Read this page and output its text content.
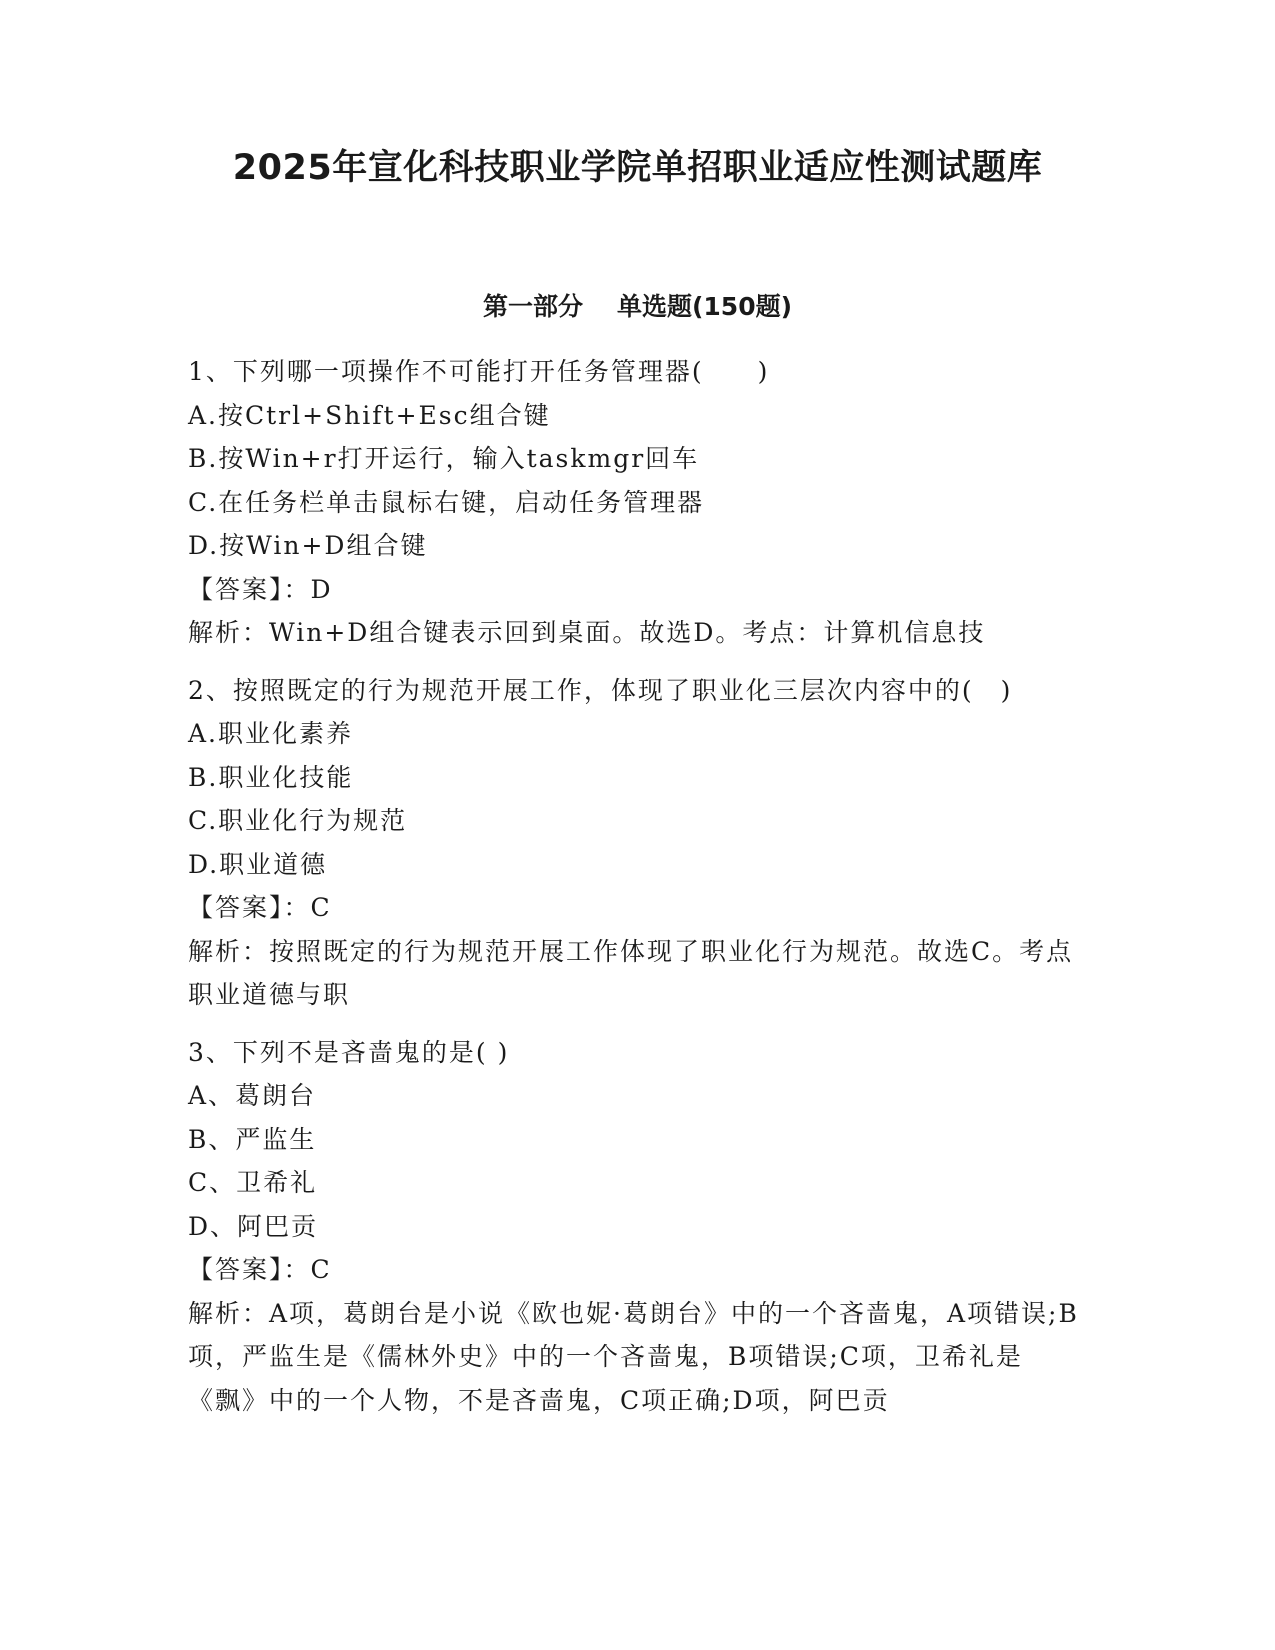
2025年宣化科技职业学院单招职业适应性测试题库
第一部分 单选题(150题)
1、下列哪一项操作不可能打开任务管理器(　　)
A.按Ctrl+Shift+Esc组合键
B.按Win+r打开运行，输入taskmgr回车
C.在任务栏单击鼠标右键，启动任务管理器
D.按Win+D组合键
【答案】：D
解析：Win+D组合键表示回到桌面。故选D。考点：计算机信息技
2、按照既定的行为规范开展工作，体现了职业化三层次内容中的(　)
A.职业化素养
B.职业化技能
C.职业化行为规范
D.职业道德
【答案】：C
解析：按照既定的行为规范开展工作体现了职业化行为规范。故选C。考点职业道德与职
3、下列不是吝啬鬼的是( )
A、葛朗台
B、严监生
C、卫希礼
D、阿巴贡
【答案】：C
解析：A项，葛朗台是小说《欧也妮·葛朗台》中的一个吝啬鬼，A项错误;B项，严监生是《儒林外史》中的一个吝啬鬼，B项错误;C项，卫希礼是《飘》中的一个人物，不是吝啬鬼，C项正确;D项，阿巴贡
